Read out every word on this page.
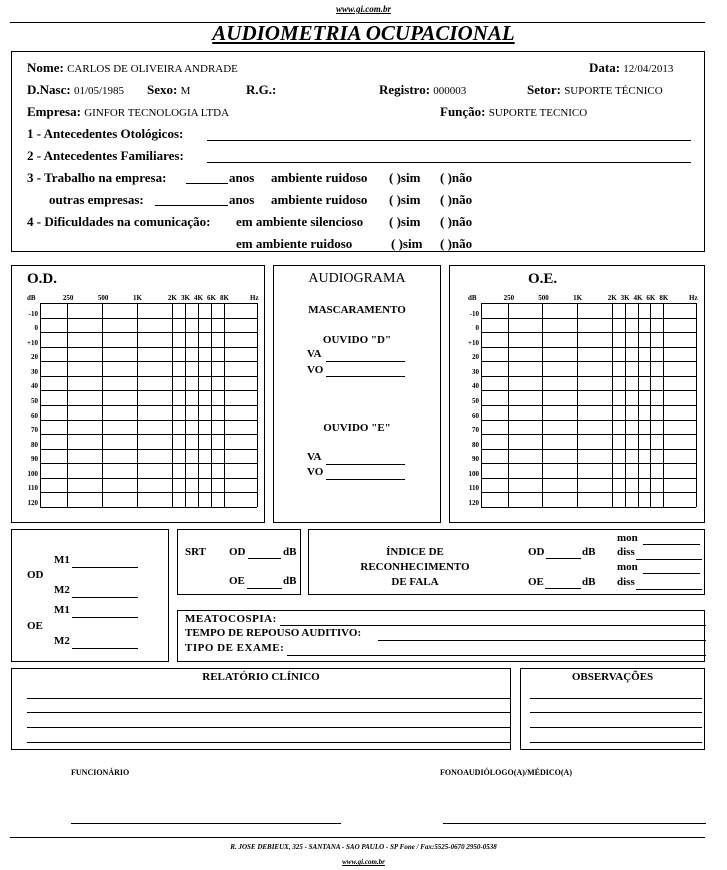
www.gi.com.br
AUDIOMETRIA OCUPACIONAL
Nome: CARLOS DE OLIVEIRA ANDRADE	Data: 12/04/2013
D.Nasc: 01/05/1985 Sexo: M	R.G.:	Registro: 000003	Setor: SUPORTE TÉCNICO
Empresa: GINFOR TECNOLOGIA LTDA	Função: SUPORTE TECNICO
1 - Antecedentes Otológicos:
2 - Antecedentes Familiares:
3 - Trabalho na empresa:	anos ambiente ruidoso ( )sim ( )não
outras empresas:	anos ambiente ruidoso ( )sim ( )não
4 - Dificuldades na comunicação: em ambiente silencioso ( )sim ( )não
em ambiente ruidoso	( )sim ( )não
O.D.
-10
0
+10
20
30
40
50
60
70
80
90
100
110
120
dB	250	500	1K	2K 3K 4K 6K 8K	Hz
AUDIOGRAMA
MASCARAMENTO
OUVIDO "D"
VA
VO
OUVIDO "E"
VA
VO
O.E.
-10
0
+10
20
30
40
50
60
70
80
90
100
110
120
dB	250	500	1K	2K 3K 4K 6K 8K	Hz
OD
M1
M2
OE
M1
M2
SRT OD	dB
OE	dB
ÍNDICE DE
RECONHECIMENTO
DE FALA
OD	dB
OE	dB
mon
diss
mon
diss
MEATOCOSPIA:
TEMPO DE REPOUSO AUDITIVO:
TIPO DE EXAME:
RELATÓRIO CLÍNICO	OBSERVAÇÕES
FUNCIONÁRIO	FONOAUDIÓLOGO(A)/MÉDICO(A)
R. JOSE DEBIEUX, 325 - SANTANA - SAO PAULO - SP Fone / Fax:5525-0670 2950-0538
www.gi.com.br
